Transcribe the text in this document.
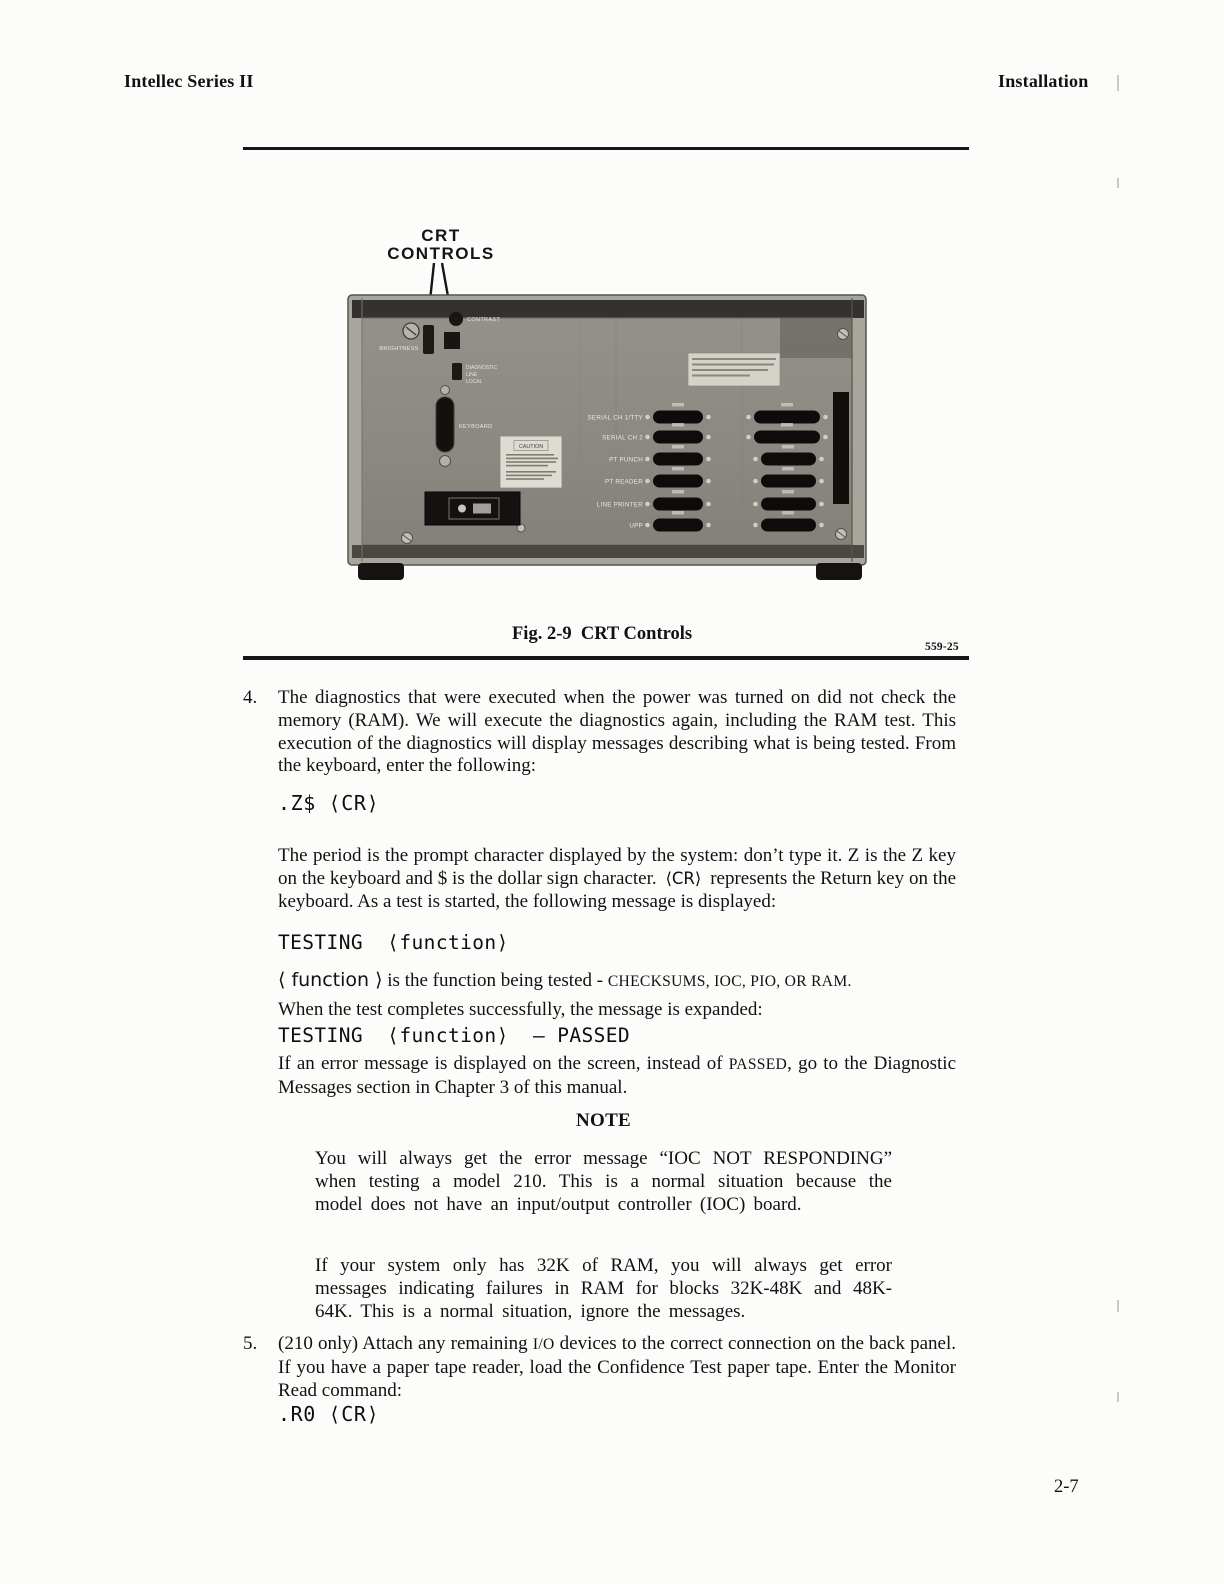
Intellec Series II	Installation
CRT
CONTROLS
BRIGHTNESS
CONTRAST
DIAGNOSTIC
LINE
LOCAL
KEYBOARD
CAUTION
SERIAL CH 1/TTY
SERIAL CH 2
PT PUNCH
PT READER
LINE PRINTER
UPP
Fig. 2-9  CRT Controls
559-25
4. The diagnostics that were executed when the power was turned on did not check the memory (RAM). We will execute the diagnostics again, including the RAM test. This execution of the diagnostics will display messages describing what is being tested. From the keyboard, enter the following:
.Z$ ⟨CR⟩
The period is the prompt character displayed by the system: don’t type it. Z is the Z key on the keyboard and $ is the dollar sign character. ⟨CR⟩ represents the Return key on the keyboard. As a test is started, the following message is displayed:
TESTING  ⟨function⟩
⟨ function ⟩ is the function being tested - CHECKSUMS, IOC, PIO, OR RAM.
When the test completes successfully, the message is expanded:
TESTING  ⟨function⟩  — PASSED
If an error message is displayed on the screen, instead of PASSED, go to the Diagnostic Messages section in Chapter 3 of this manual.
NOTE
You will always get the error message “IOC NOT RESPONDING” when testing a model 210. This is a normal situation because the model does not have an input/output controller (IOC) board.
If your system only has 32K of RAM, you will always get error messages indicating failures in RAM for blocks 32K-48K and 48K-64K. This is a normal situation, ignore the messages.
5. (210 only) Attach any remaining I/O devices to the correct connection on the back panel. If you have a paper tape reader, load the Confidence Test paper tape. Enter the Monitor Read command:
.R0 ⟨CR⟩
2-7
